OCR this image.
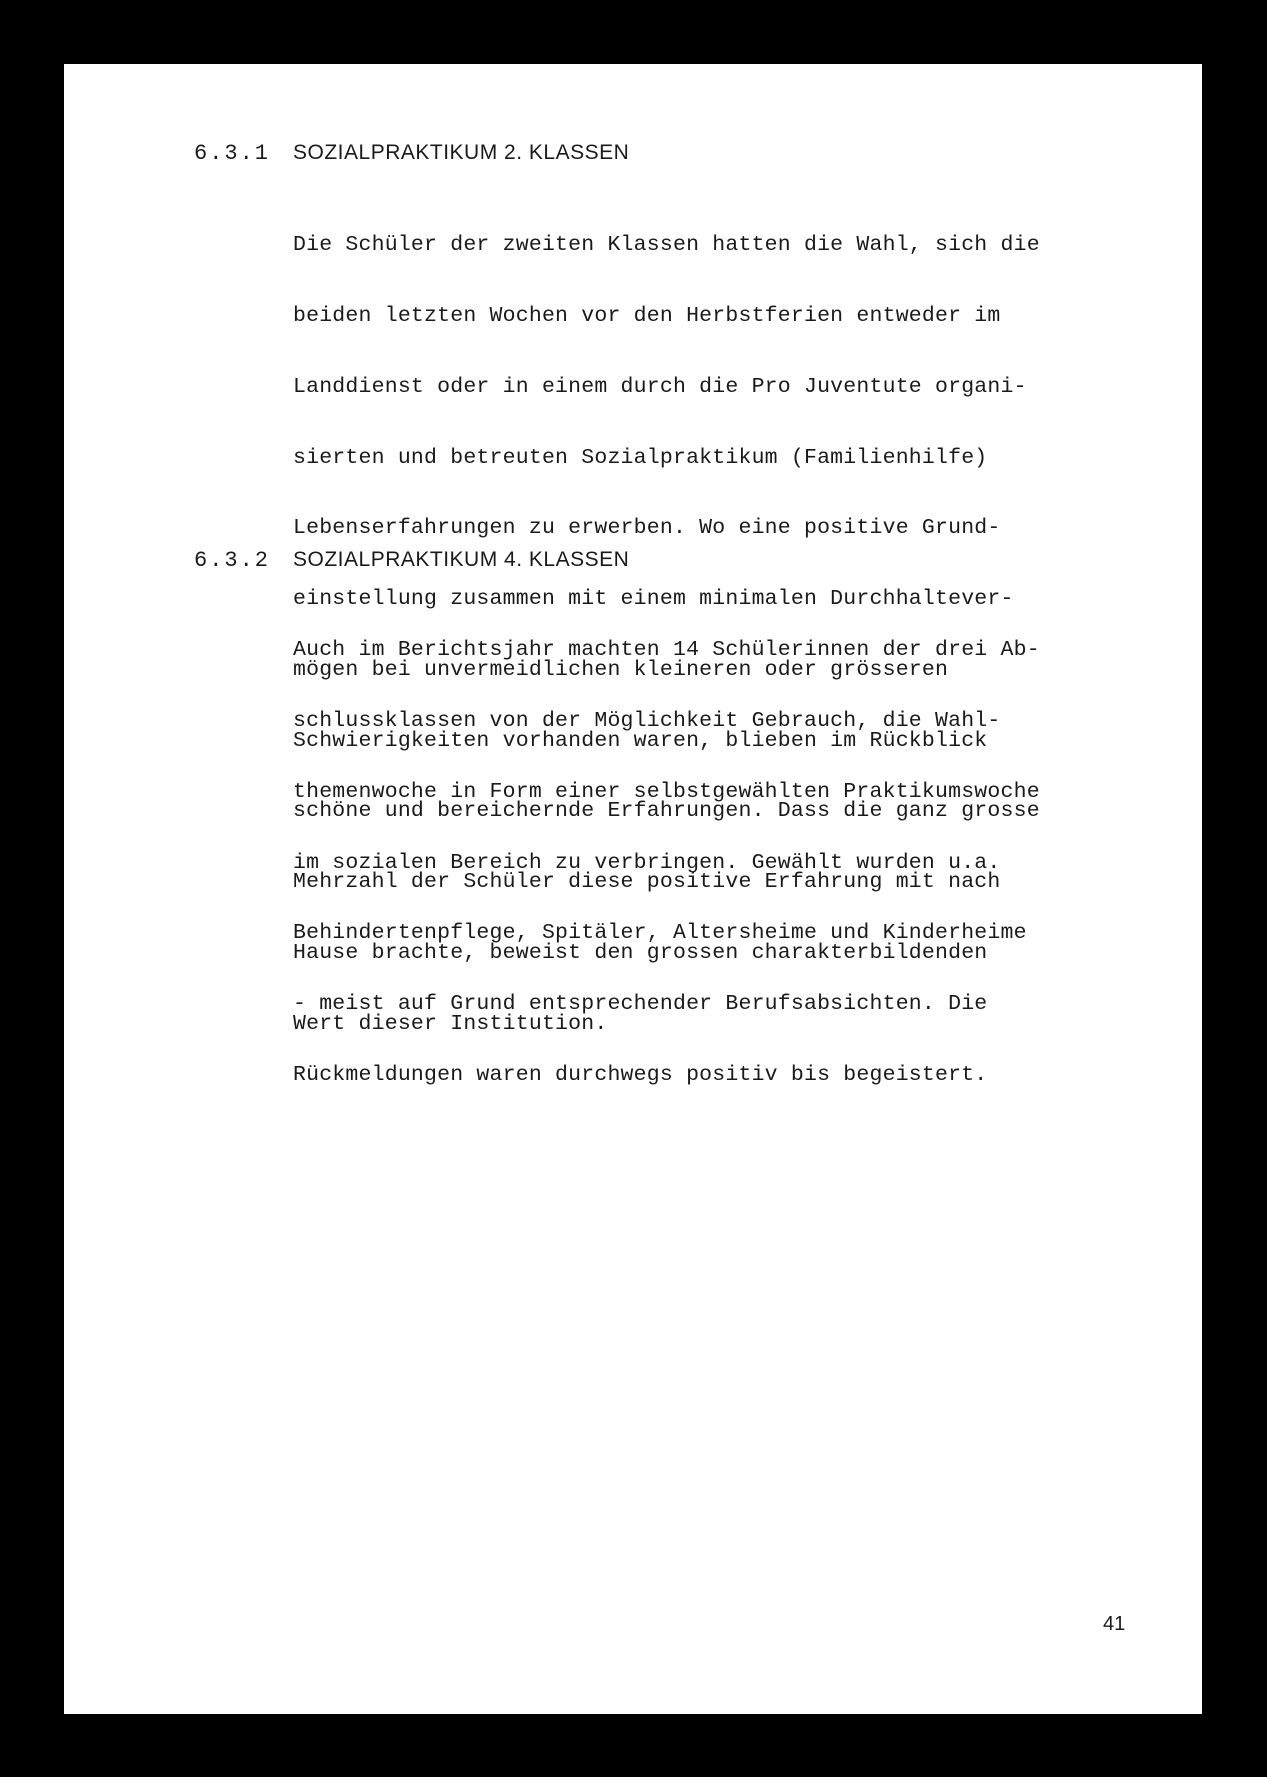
6.3.1 SOZIALPRAKTIKUM 2. KLASSEN

Die Schüler der zweiten Klassen hatten die Wahl, sich die

beiden letzten Wochen vor den Herbstferien entweder im

Landdienst oder in einem durch die Pro Juventute organi-

sierten und betreuten Sozialpraktikum (Familienhilfe)

Lebenserfahrungen zu erwerben. Wo eine positive Grund-

einstellung zusammen mit einem minimalen Durchhaltever-

mögen bei unvermeidlichen kleineren oder grösseren

Schwierigkeiten vorhanden waren, blieben im Rückblick

schöne und bereichernde Erfahrungen. Dass die ganz grosse

Mehrzahl der Schüler diese positive Erfahrung mit nach

Hause brachte, beweist den grossen charakterbildenden

Wert dieser Institution.

6.3.2 SOZIALPRAKTIKUM 4. KLASSEN

Auch im Berichtsjahr machten 14 Schülerinnen der drei Ab-

schlussklassen von der Möglichkeit Gebrauch, die Wahl-

themenwoche in Form einer selbstgewählten Praktikumswoche

im sozialen Bereich zu verbringen. Gewählt wurden u.a.

Behindertenpflege, Spitäler, Altersheime und Kinderheime

- meist auf Grund entsprechender Berufsabsichten. Die

Rückmeldungen waren durchwegs positiv bis begeistert.

41
